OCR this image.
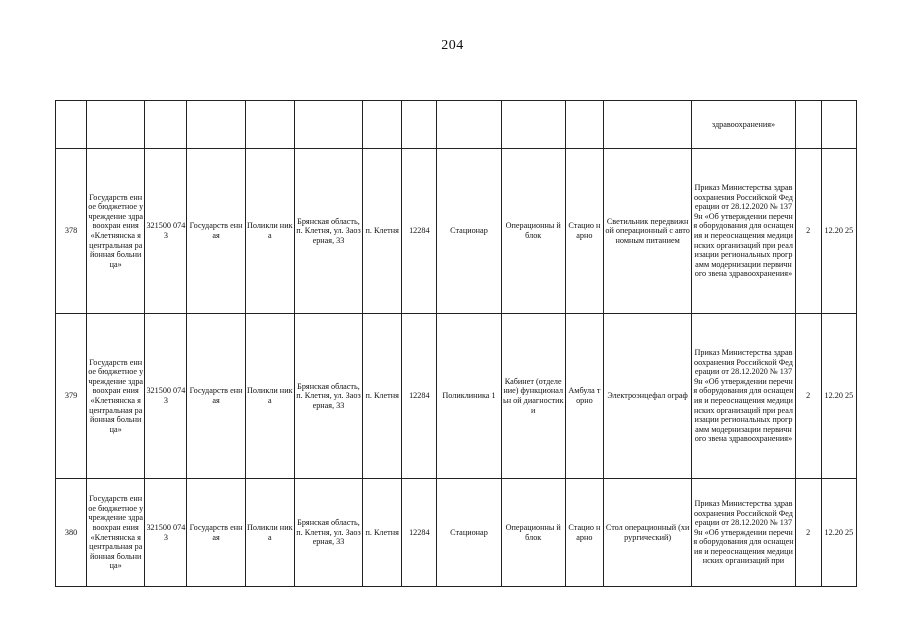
204
												здравоохранения»		
378	Государств енное бюджетное учреждение здравоохран ения «Клетнянска я центральная районная больница»	321500 0743	Государств енная	Поликли ника	Брянская область, п. Клетня, ул. Заозерная, 33	п. Клетня	12284	Стационар	Операционны й блок	Стацио нарно	Светильник передвижной операционный с автономным питанием	Приказ Министерства здравоохранения Российской Федерации от 28.12.2020 № 1379н «Об утверждении перечня оборудования для оснащения и переоснащения медицинских организаций при реализации региональных программ модернизации первичного звена здравоохранения»	2	12.20 25
379	Государств енное бюджетное учреждение здравоохран ения «Клетнянска я центральная районная больница»	321500 0743	Государств енная	Поликли ника	Брянская область, п. Клетня, ул. Заозерная, 33	п. Клетня	12284	Поликлиника 1	Кабинет (отделение) функциональн ой диагностики	Амбула торно	Электроэнцефал ограф	Приказ Министерства здравоохранения Российской Федерации от 28.12.2020 № 1379н «Об утверждении перечня оборудования для оснащения и переоснащения медицинских организаций при реализации региональных программ модернизации первичного звена здравоохранения»	2	12.20 25
380	Государств енное бюджетное учреждение здравоохран ения «Клетнянска я центральная районная больница»	321500 0743	Государств енная	Поликли ника	Брянская область, п. Клетня, ул. Заозерная, 33	п. Клетня	12284	Стационар	Операционны й блок	Стацио нарно	Стол операционный (хирургический)	Приказ Министерства здравоохранения Российской Федерации от 28.12.2020 № 1379н «Об утверждении перечня оборудования для оснащения и переоснащения медицинских организаций при	2	12.20 25
